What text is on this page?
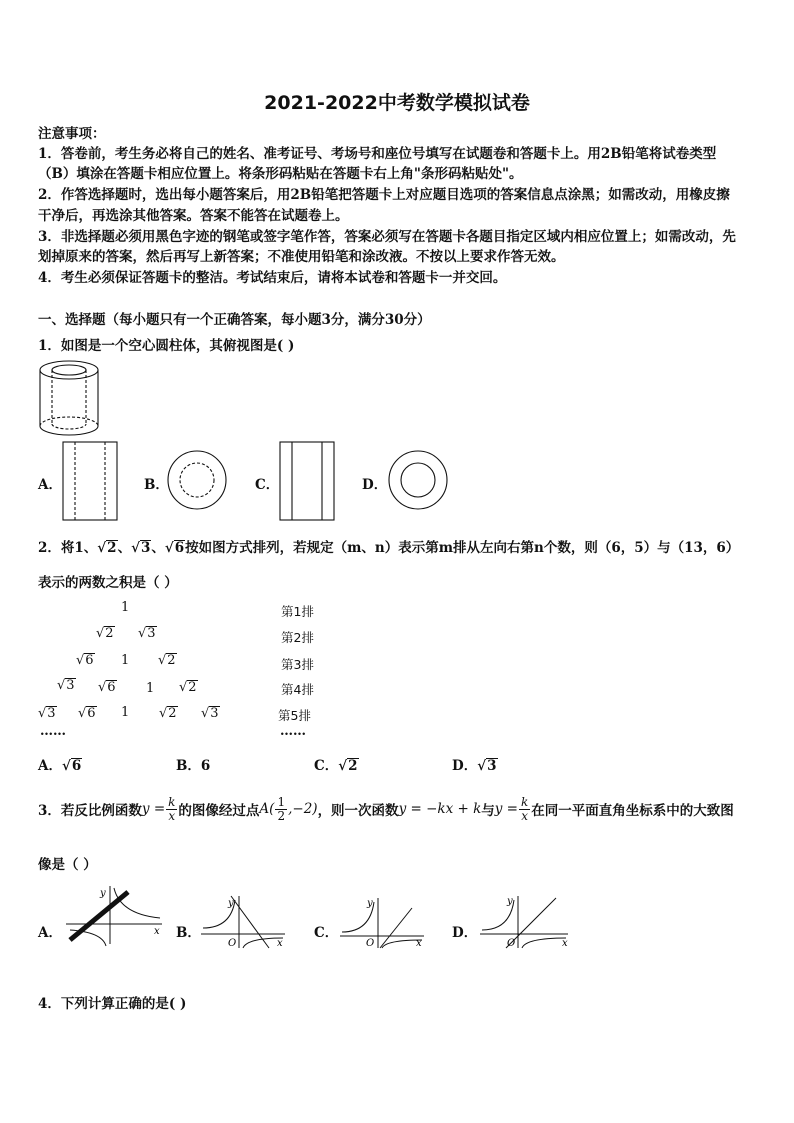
2021-2022中考数学模拟试卷
注意事项：
1．答卷前，考生务必将自己的姓名、准考证号、考场号和座位号填写在试题卷和答题卡上。用2B铅笔将试卷类型
（B）填涂在答题卡相应位置上。将条形码粘贴在答题卡右上角"条形码粘贴处"。
2．作答选择题时，选出每小题答案后，用2B铅笔把答题卡上对应题目选项的答案信息点涂黑；如需改动，用橡皮擦
干净后，再选涂其他答案。答案不能答在试题卷上。
3．非选择题必须用黑色字迹的钢笔或签字笔作答，答案必须写在答题卡各题目指定区域内相应位置上；如需改动，先
划掉原来的答案，然后再写上新答案；不准使用铅笔和涂改液。不按以上要求作答无效。
4．考生必须保证答题卡的整洁。考试结束后，请将本试卷和答题卡一并交回。
一、选择题（每小题只有一个正确答案，每小题3分，满分30分）
1．如图是一个空心圆柱体，其俯视图是( )
A．	B．	C．	D．
2．将1、√2、√3、√6按如图方式排列，若规定（m、n）表示第m排从左向右第n个数，则（6，5）与（13，6）
表示的两数之积是（ ）
1
√2 √3
√6 1 √2
√3 √6 1 √2
√3 √6 1 √2 √3
……
第1排
第2排
第3排
第4排
第5排
……
A．√6	B．6	C．√2	D．√3
3．若反比例函数 $y = \frac{k}{x}$ 的图像经过点 $A( \frac{1}{2} ,-2)$ ，则一次函数 y = −kx + k 与 $y = \frac{k}{x}$ 在同一平面直角坐标系中的大致图
像是（ ）
A．	x
y
B．
x
y
O
C．
x
y
O
D．
x
y
O
4．下列计算正确的是( )
